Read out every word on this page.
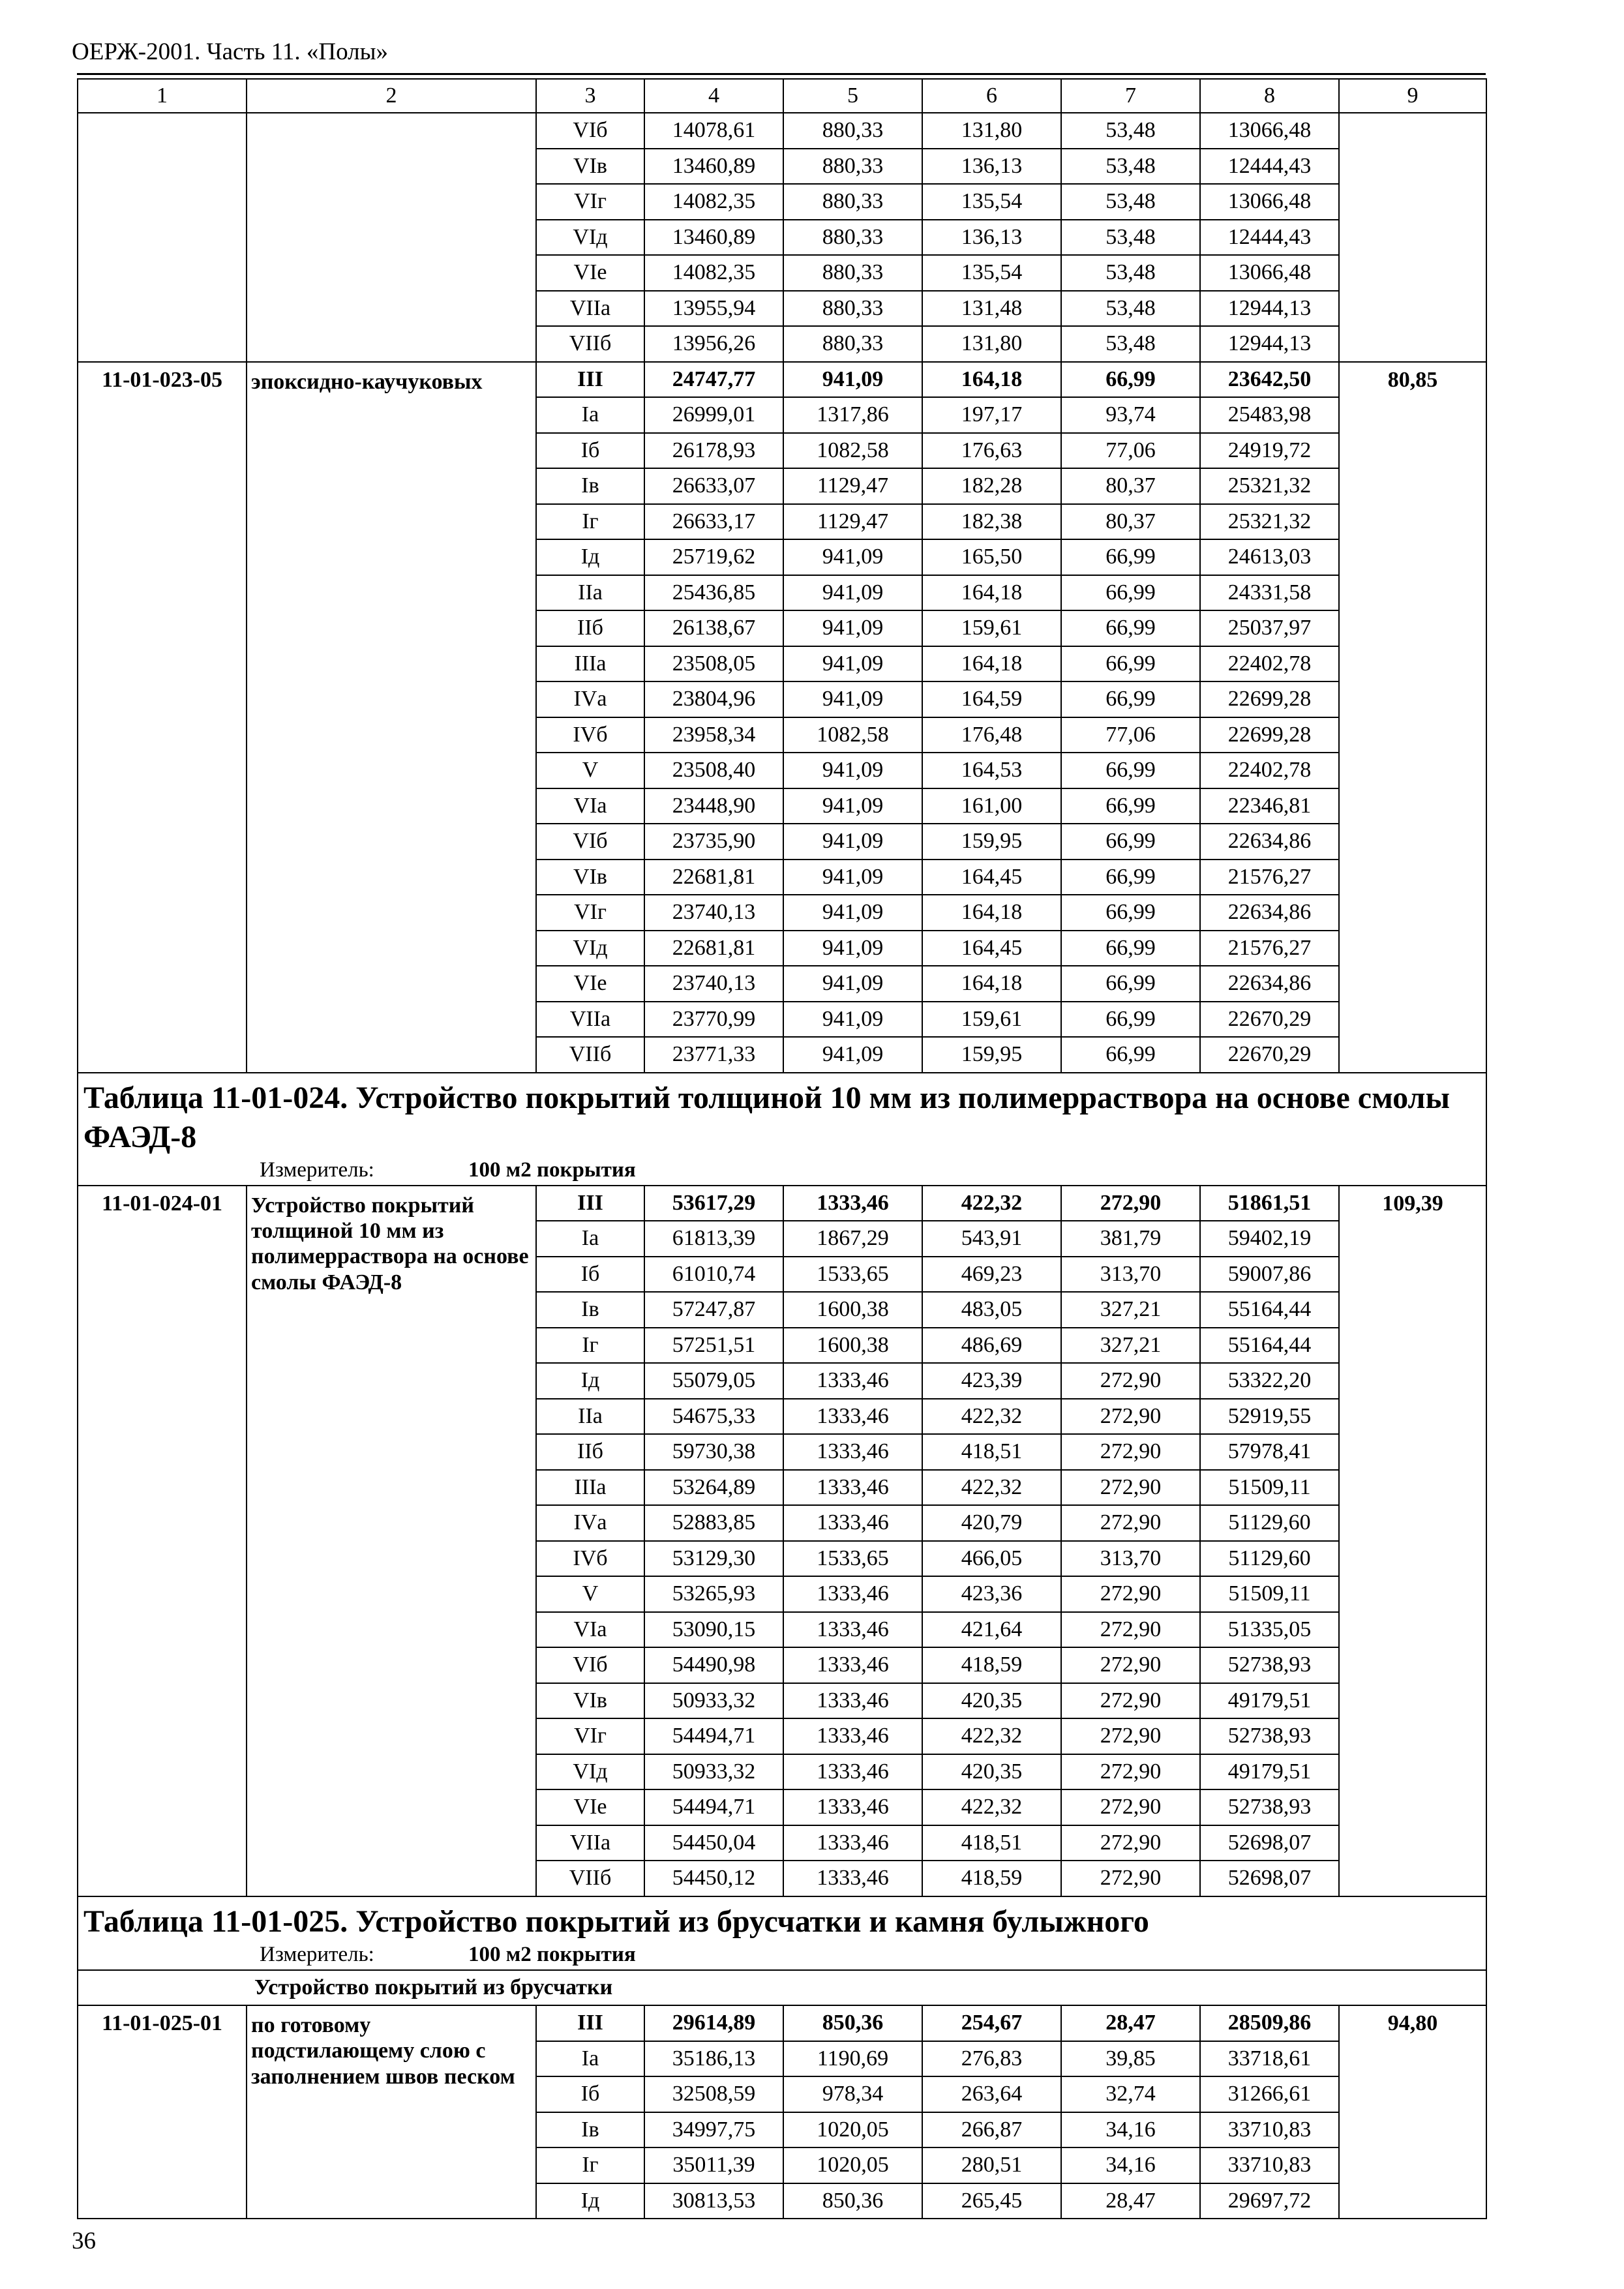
ОЕРЖ-2001. Часть 11. «Полы»
1	2	3	4	5	6	7	8	9
		VIб	14078,61	880,33	131,80	53,48	13066,48	
		VIв	13460,89	880,33	136,13	53,48	12444,43	
		VIг	14082,35	880,33	135,54	53,48	13066,48	
		VIд	13460,89	880,33	136,13	53,48	12444,43	
		VIе	14082,35	880,33	135,54	53,48	13066,48	
		VIIа	13955,94	880,33	131,48	53,48	12944,13	
		VIIб	13956,26	880,33	131,80	53,48	12944,13	
11-01-023-05	эпоксидно-каучуковых	III	24747,77	941,09	164,18	66,99	23642,50	80,85
		Iа	26999,01	1317,86	197,17	93,74	25483,98	
		Iб	26178,93	1082,58	176,63	77,06	24919,72	
		Iв	26633,07	1129,47	182,28	80,37	25321,32	
		Iг	26633,17	1129,47	182,38	80,37	25321,32	
		Iд	25719,62	941,09	165,50	66,99	24613,03	
		IIа	25436,85	941,09	164,18	66,99	24331,58	
		IIб	26138,67	941,09	159,61	66,99	25037,97	
		IIIа	23508,05	941,09	164,18	66,99	22402,78	
		IVа	23804,96	941,09	164,59	66,99	22699,28	
		IVб	23958,34	1082,58	176,48	77,06	22699,28	
		V	23508,40	941,09	164,53	66,99	22402,78	
		VIа	23448,90	941,09	161,00	66,99	22346,81	
		VIб	23735,90	941,09	159,95	66,99	22634,86	
		VIв	22681,81	941,09	164,45	66,99	21576,27	
		VIг	23740,13	941,09	164,18	66,99	22634,86	
		VIд	22681,81	941,09	164,45	66,99	21576,27	
		VIе	23740,13	941,09	164,18	66,99	22634,86	
		VIIа	23770,99	941,09	159,61	66,99	22670,29	
		VIIб	23771,33	941,09	159,95	66,99	22670,29	

Таблица 11-01-024. Устройство покрытий толщиной 10 мм из полимерраствора на основе смолы ФАЭД-8
Измеритель: 100 м2 покрытия								

11-01-024-01	Устройство покрытий толщиной 10 мм из полимерраствора на основе смолы ФАЭД-8	III	53617,29	1333,46	422,32	272,90	51861,51	109,39
		Iа	61813,39	1867,29	543,91	381,79	59402,19	
		Iб	61010,74	1533,65	469,23	313,70	59007,86	
		Iв	57247,87	1600,38	483,05	327,21	55164,44	
		Iг	57251,51	1600,38	486,69	327,21	55164,44	
		Iд	55079,05	1333,46	423,39	272,90	53322,20	
		IIа	54675,33	1333,46	422,32	272,90	52919,55	
		IIб	59730,38	1333,46	418,51	272,90	57978,41	
		IIIа	53264,89	1333,46	422,32	272,90	51509,11	
		IVа	52883,85	1333,46	420,79	272,90	51129,60	
		IVб	53129,30	1533,65	466,05	313,70	51129,60	
		V	53265,93	1333,46	423,36	272,90	51509,11	
		VIа	53090,15	1333,46	421,64	272,90	51335,05	
		VIб	54490,98	1333,46	418,59	272,90	52738,93	
		VIв	50933,32	1333,46	420,35	272,90	49179,51	
		VIг	54494,71	1333,46	422,32	272,90	52738,93	
		VIд	50933,32	1333,46	420,35	272,90	49179,51	
		VIе	54494,71	1333,46	422,32	272,90	52738,93	
		VIIа	54450,04	1333,46	418,51	272,90	52698,07	
		VIIб	54450,12	1333,46	418,59	272,90	52698,07	

Таблица 11-01-025. Устройство покрытий из брусчатки и камня булыжного
Измеритель: 100 м2 покрытия								

Устройство покрытий из брусчатки								
11-01-025-01	по готовому подстилающему слою с заполнением швов песком	III	29614,89	850,36	254,67	28,47	28509,86	94,80
		Iа	35186,13	1190,69	276,83	39,85	33718,61	
		Iб	32508,59	978,34	263,64	32,74	31266,61	
		Iв	34997,75	1020,05	266,87	34,16	33710,83	
		Iг	35011,39	1020,05	280,51	34,16	33710,83	
		Iд	30813,53	850,36	265,45	28,47	29697,72	
36
